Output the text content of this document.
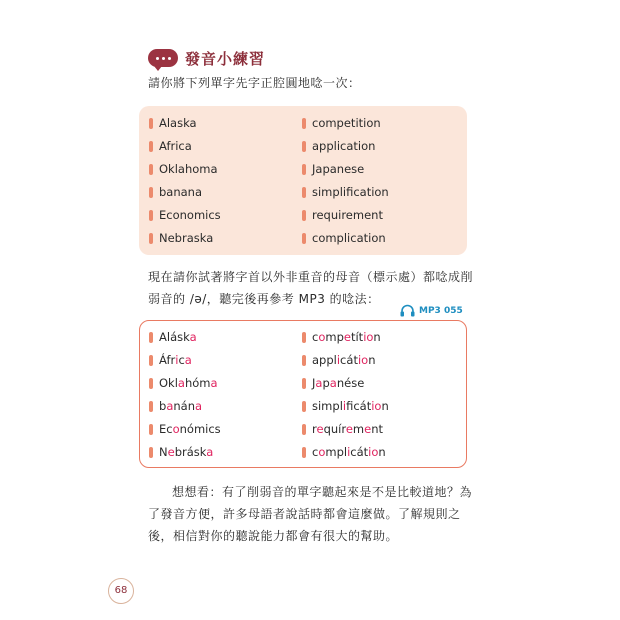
發音小練習
請你將下列單字先字正腔圓地唸一次：
Alaska
Africa
Oklahoma
banana
Economics
Nebraska
competition
application
Japanese
simplification
requirement
complication
現在請你試著將字首以外非重音的母音（標示處）都唸成削弱音的 /ə/，聽完後再參考 MP3 的唸法：
MP3 055
Aláska
África
Oklahóma
banána
Económics
Nebráska
competítion
applicátion
Japanése
simplifcátion
requírement
complicátion
想想看：有了削弱音的單字聽起來是不是比較道地？為了發音方便，許多母語者說話時都會這麼做。了解規則之後，相信對你的聽說能力都會有很大的幫助。
68
